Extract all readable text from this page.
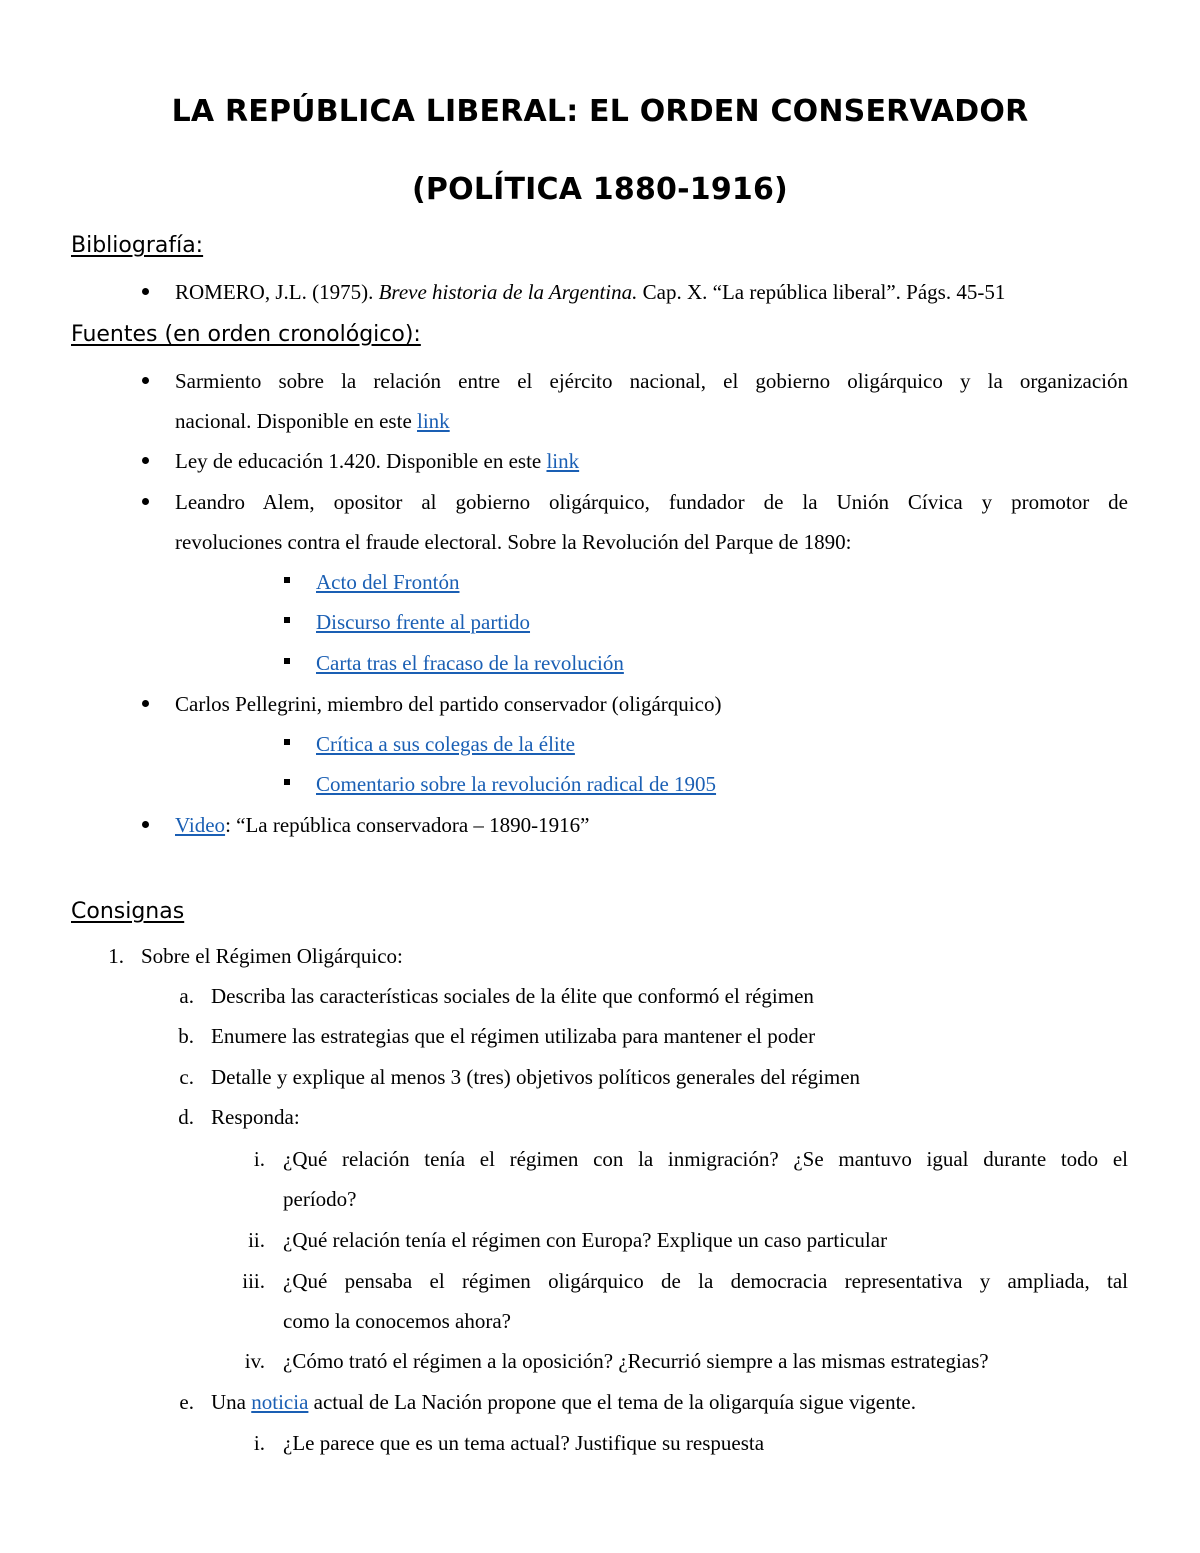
LA REPÚBLICA LIBERAL: EL ORDEN CONSERVADOR
(POLÍTICA 1880-1916)
Bibliografía:
ROMERO, J.L. (1975). Breve historia de la Argentina. Cap. X. “La república liberal”. Págs. 45-51
Fuentes (en orden cronológico):
Sarmiento sobre la relación entre el ejército nacional, el gobierno oligárquico y la organización
nacional. Disponible en este link
Ley de educación 1.420. Disponible en este link
Leandro Alem, opositor al gobierno oligárquico, fundador de la Unión Cívica y promotor de
revoluciones contra el fraude electoral. Sobre la Revolución del Parque de 1890:
Acto del Frontón
Discurso frente al partido
Carta tras el fracaso de la revolución
Carlos Pellegrini, miembro del partido conservador (oligárquico)
Crítica a sus colegas de la élite
Comentario sobre la revolución radical de 1905
Video: “La república conservadora – 1890-1916”
Consignas
1. Sobre el Régimen Oligárquico:
a. Describa las características sociales de la élite que conformó el régimen
b. Enumere las estrategias que el régimen utilizaba para mantener el poder
c. Detalle y explique al menos 3 (tres) objetivos políticos generales del régimen
d. Responda:
i. ¿Qué relación tenía el régimen con la inmigración? ¿Se mantuvo igual durante todo el
período?
ii. ¿Qué relación tenía el régimen con Europa? Explique un caso particular
iii. ¿Qué pensaba el régimen oligárquico de la democracia representativa y ampliada, tal
como la conocemos ahora?
iv. ¿Cómo trató el régimen a la oposición? ¿Recurrió siempre a las mismas estrategias?
e. Una noticia actual de La Nación propone que el tema de la oligarquía sigue vigente.
i. ¿Le parece que es un tema actual? Justifique su respuesta
